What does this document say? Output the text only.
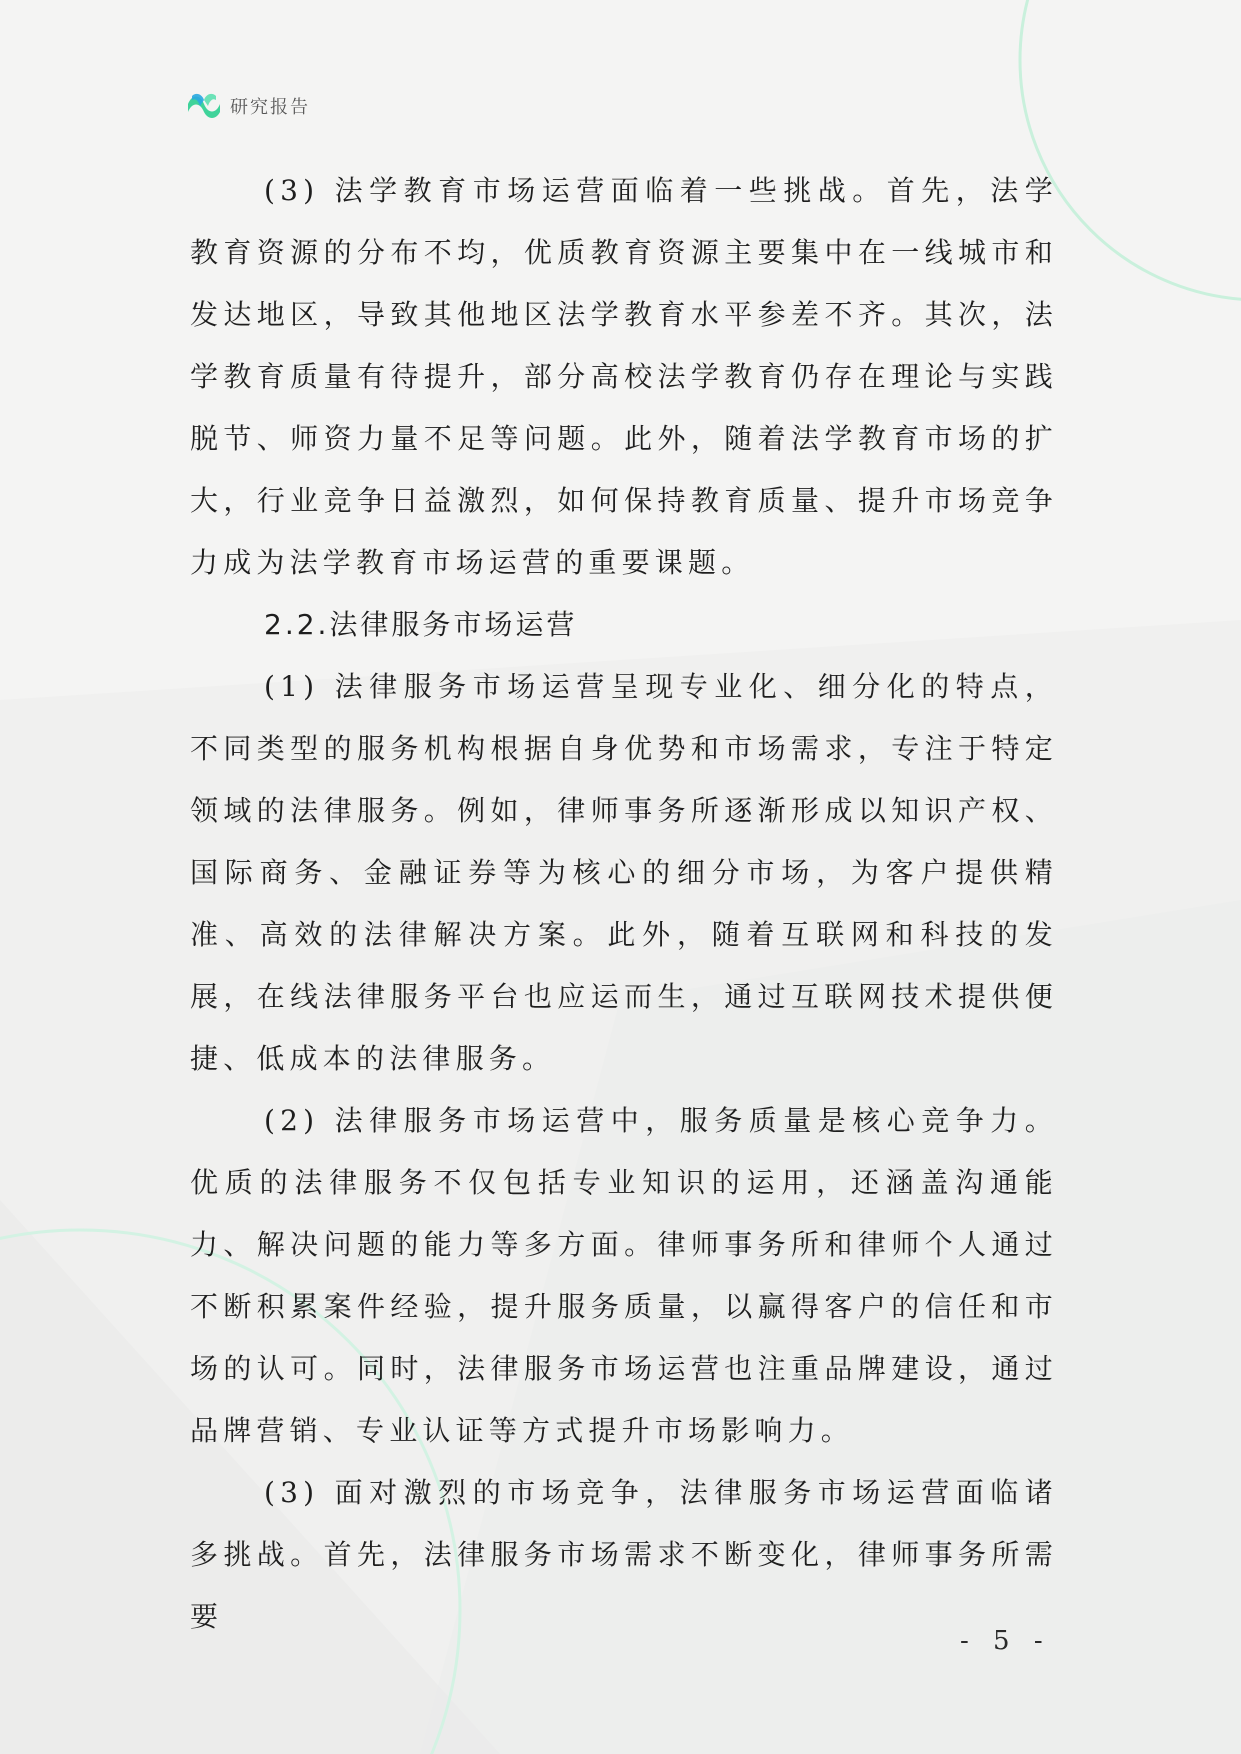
研究报告

(3) 法学教育市场运营面临着一些挑战。首先，法学教育资源的分布不均，优质教育资源主要集中在一线城市和发达地区，导致其他地区法学教育水平参差不齐。其次，法学教育质量有待提升，部分高校法学教育仍存在理论与实践脱节、师资力量不足等问题。此外，随着法学教育市场的扩大，行业竞争日益激烈，如何保持教育质量、提升市场竞争力成为法学教育市场运营的重要课题。

2.2.法律服务市场运营

(1) 法律服务市场运营呈现专业化、细分化的特点，不同类型的服务机构根据自身优势和市场需求，专注于特定领域的法律服务。例如，律师事务所逐渐形成以知识产权、国际商务、金融证券等为核心的细分市场，为客户提供精准、高效的法律解决方案。此外，随着互联网和科技的发展，在线法律服务平台也应运而生，通过互联网技术提供便捷、低成本的法律服务。

(2) 法律服务市场运营中，服务质量是核心竞争力。优质的法律服务不仅包括专业知识的运用，还涵盖沟通能力、解决问题的能力等多方面。律师事务所和律师个人通过不断积累案件经验，提升服务质量，以赢得客户的信任和市场的认可。同时，法律服务市场运营也注重品牌建设，通过品牌营销、专业认证等方式提升市场影响力。

(3) 面对激烈的市场竞争，法律服务市场运营面临诸多挑战。首先，法律服务市场需求不断变化，律师事务所需要

- 5 -
